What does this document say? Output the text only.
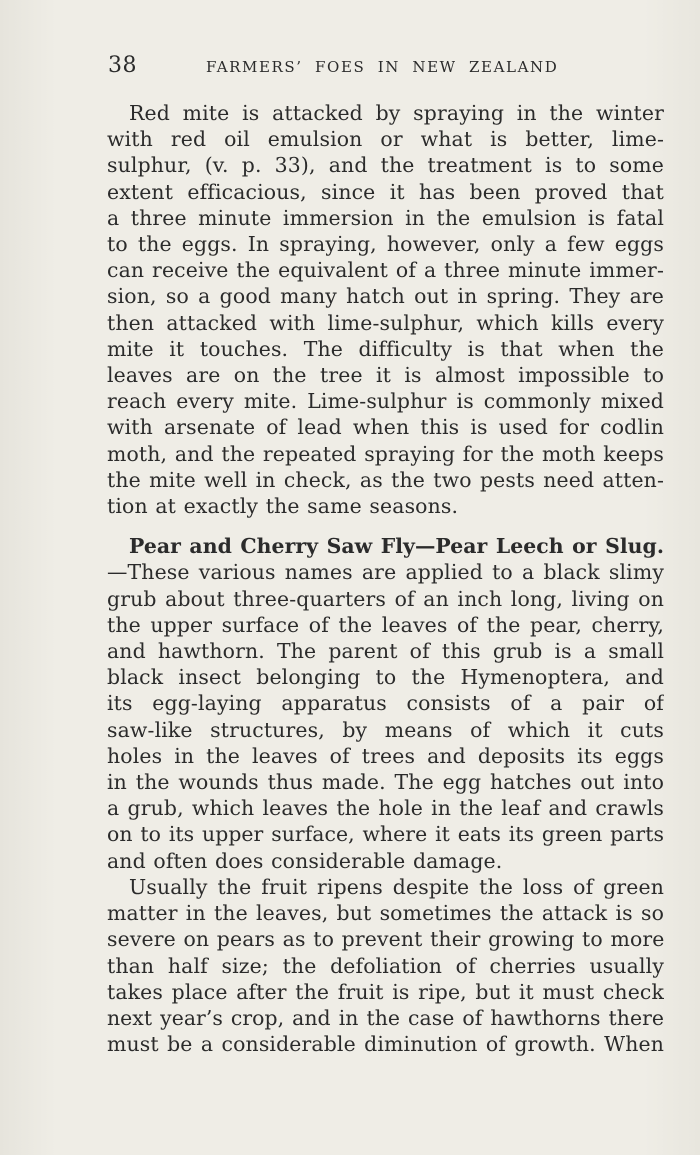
38	FARMERS’ FOES IN NEW ZEALAND
Red mite is attacked by spraying in the winter
with red oil emulsion or what is better, lime-
sulphur, (v. p. 33), and the treatment is to some
extent efficacious, since it has been proved that
a three minute immersion in the emulsion is fatal
to the eggs. In spraying, however, only a few eggs
can receive the equivalent of a three minute immer-
sion, so a good many hatch out in spring. They are
then attacked with lime-sulphur, which kills every
mite it touches. The difficulty is that when the
leaves are on the tree it is almost impossible to
reach every mite. Lime-sulphur is commonly mixed
with arsenate of lead when this is used for codlin
moth, and the repeated spraying for the moth keeps
the mite well in check, as the two pests need atten-
tion at exactly the same seasons.
Pear and Cherry Saw Fly—Pear Leech or Slug.
—These various names are applied to a black slimy
grub about three-quarters of an inch long, living on
the upper surface of the leaves of the pear, cherry,
and hawthorn. The parent of this grub is a small
black insect belonging to the Hymenoptera, and
its egg-laying apparatus consists of a pair of
saw-like structures, by means of which it cuts
holes in the leaves of trees and deposits its eggs
in the wounds thus made. The egg hatches out into
a grub, which leaves the hole in the leaf and crawls
on to its upper surface, where it eats its green parts
and often does considerable damage.
Usually the fruit ripens despite the loss of green
matter in the leaves, but sometimes the attack is so
severe on pears as to prevent their growing to more
than half size; the defoliation of cherries usually
takes place after the fruit is ripe, but it must check
next year’s crop, and in the case of hawthorns there
must be a considerable diminution of growth. When
